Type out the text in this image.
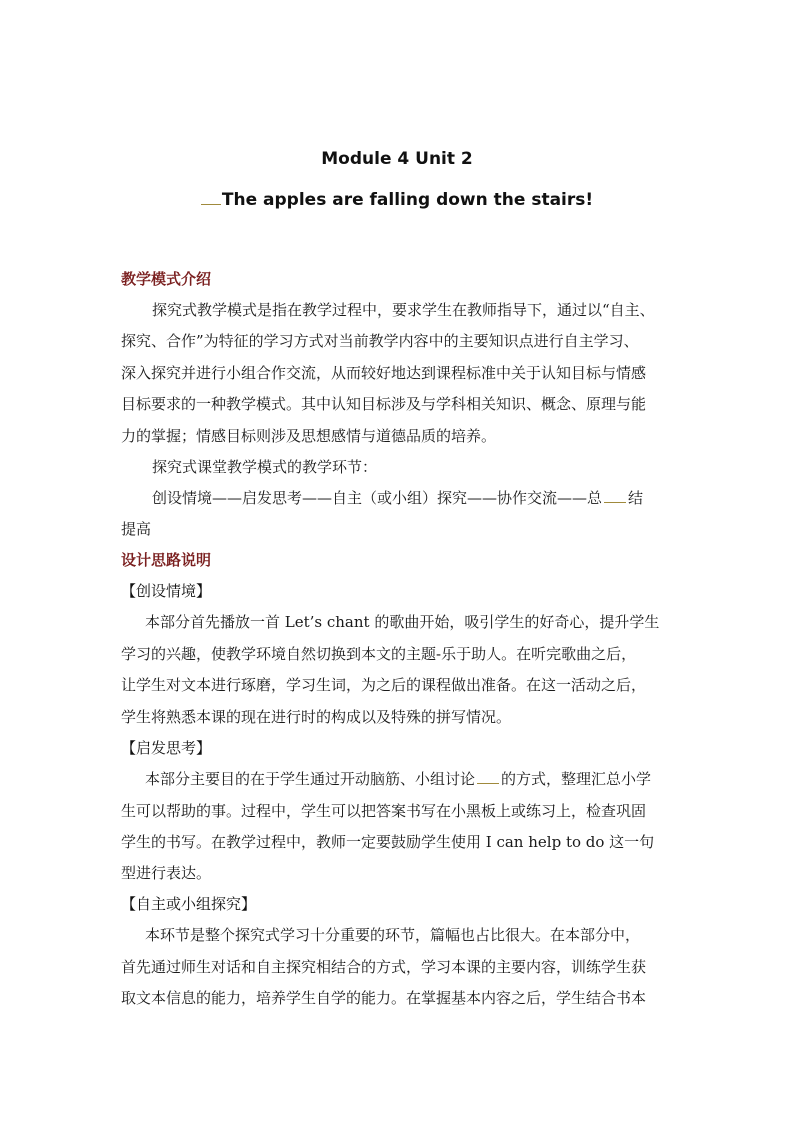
Module 4 Unit 2
The apples are falling down the stairs!
教学模式介绍
探究式教学模式是指在教学过程中，要求学生在教师指导下，通过以“自主、
探究、合作”为特征的学习方式对当前教学内容中的主要知识点进行自主学习、
深入探究并进行小组合作交流，从而较好地达到课程标准中关于认知目标与情感
目标要求的一种教学模式。其中认知目标涉及与学科相关知识、概念、原理与能
力的掌握；情感目标则涉及思想感情与道德品质的培养。
探究式课堂教学模式的教学环节：
创设情境——启发思考——自主（或小组）探究——协作交流——总 结
提高
设计思路说明
【创设情境】
本部分首先播放一首 Let’s chant 的歌曲开始，吸引学生的好奇心，提升学生
学习的兴趣，使教学环境自然切换到本文的主题-乐于助人。在听完歌曲之后，
让学生对文本进行琢磨，学习生词，为之后的课程做出准备。在这一活动之后，
学生将熟悉本课的现在进行时的构成以及特殊的拼写情况。
【启发思考】
本部分主要目的在于学生通过开动脑筋、小组讨论 的方式，整理汇总小学
生可以帮助的事。过程中，学生可以把答案书写在小黑板上或练习上，检查巩固
学生的书写。在教学过程中，教师一定要鼓励学生使用 I can help to do 这一句
型进行表达。
【自主或小组探究】
本环节是整个探究式学习十分重要的环节，篇幅也占比很大。在本部分中，
首先通过师生对话和自主探究相结合的方式，学习本课的主要内容，训练学生获
取文本信息的能力，培养学生自学的能力。在掌握基本内容之后，学生结合书本
